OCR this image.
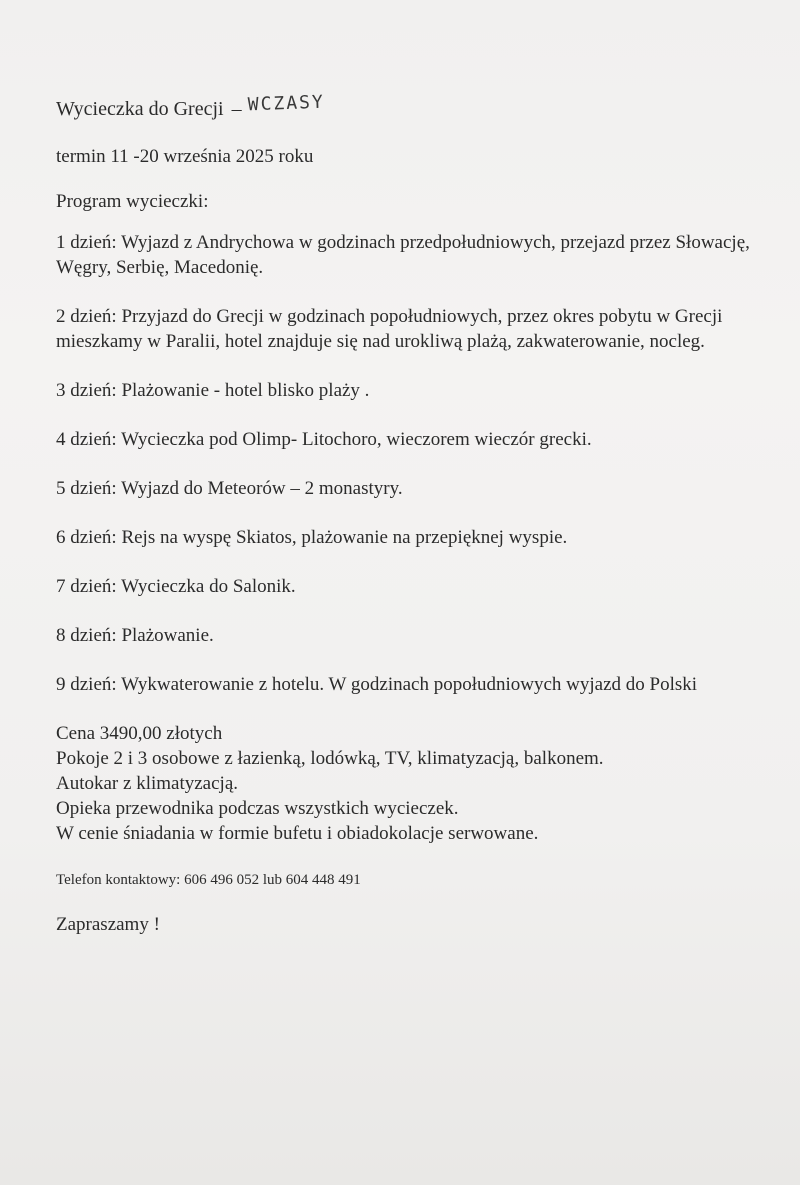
Wycieczka do Grecji – WCZASY
termin 11 -20 września 2025 roku
Program wycieczki:
1 dzień: Wyjazd z Andrychowa w godzinach przedpołudniowych, przejazd przez Słowację, Węgry, Serbię, Macedonię.
2 dzień: Przyjazd do Grecji w godzinach popołudniowych, przez okres pobytu w Grecji mieszkamy w Paralii, hotel znajduje się nad urokliwą plażą, zakwaterowanie, nocleg.
3 dzień: Plażowanie - hotel blisko plaży .
4 dzień: Wycieczka pod Olimp- Litochoro, wieczorem wieczór grecki.
5 dzień: Wyjazd do Meteorów – 2 monastyry.
6 dzień: Rejs na wyspę Skiatos, plażowanie na przepięknej wyspie.
7 dzień: Wycieczka do Salonik.
8 dzień: Plażowanie.
9 dzień: Wykwaterowanie z hotelu. W godzinach popołudniowych wyjazd do Polski

Cena 3490,00 złotych

Pokoje 2 i 3 osobowe z łazienką, lodówką, TV, klimatyzacją, balkonem.

Autokar z klimatyzacją.

Opieka przewodnika podczas wszystkich wycieczek.

W cenie śniadania w formie bufetu i obiadokolacje serwowane.

Telefon kontaktowy: 606 496 052 lub 604 448 491
Zapraszamy !
